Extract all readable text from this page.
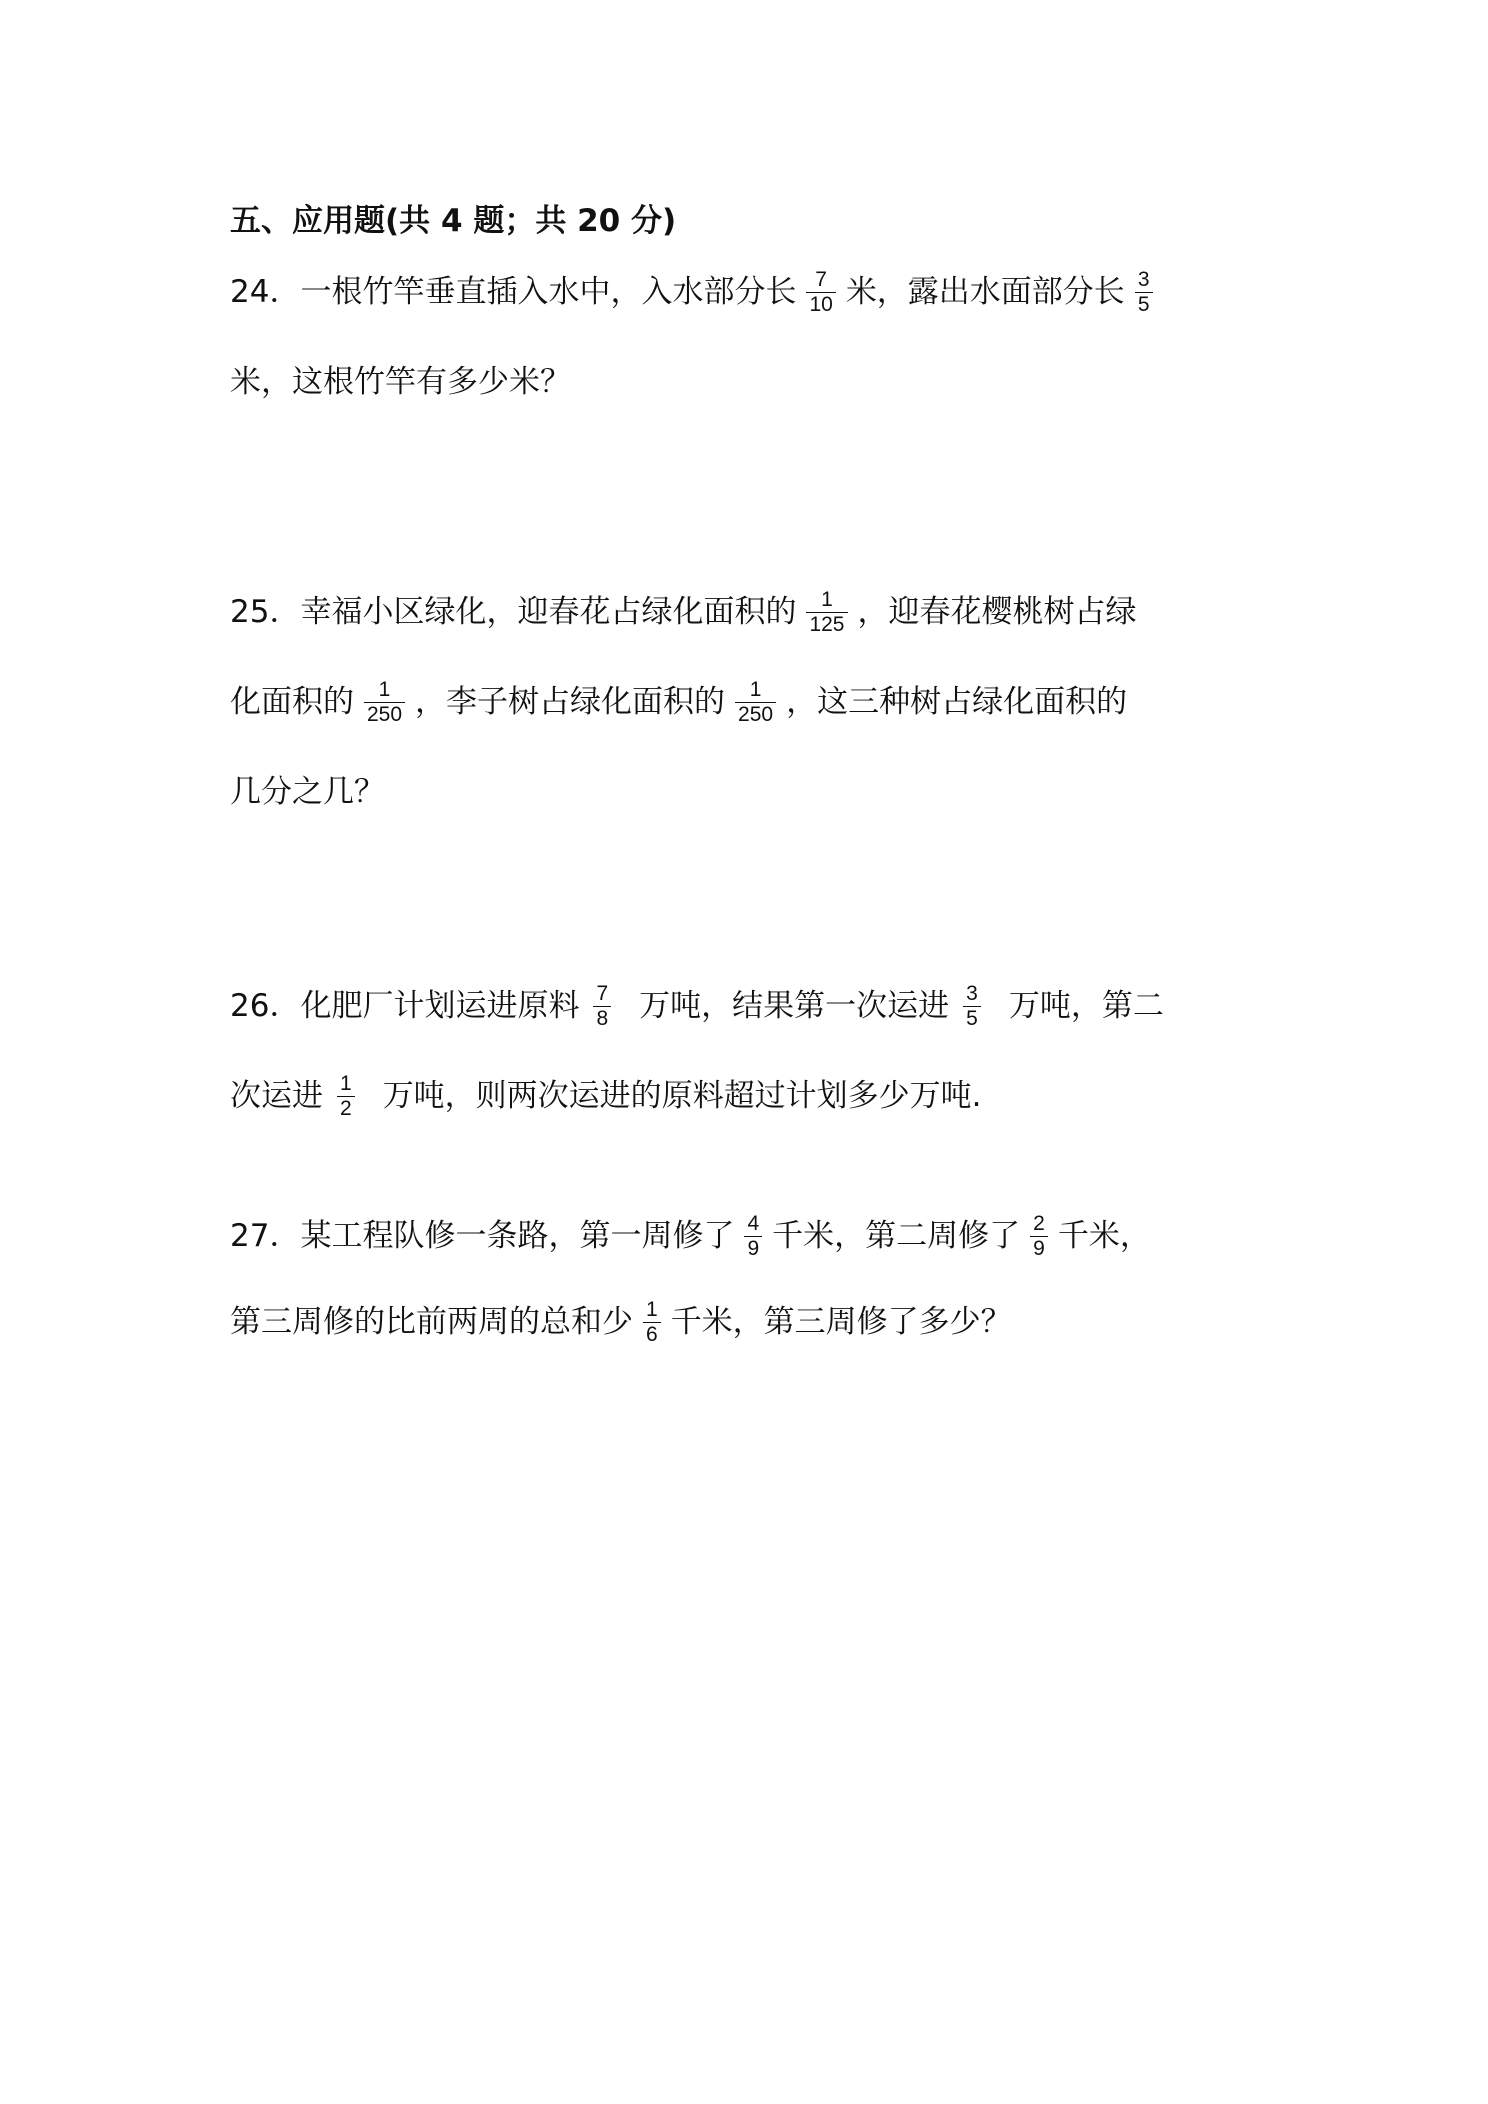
五、应用题(共 4 题；共 20 分)
24． 一根竹竿垂直插入水中，入水部分长 $\frac{7}{10}$ 米，露出水面部分长 $\frac{3}{5}$
米，这根竹竿有多少米？
25． 幸福小区绿化，迎春花占绿化面积的 $\frac{1}{125}$ ，迎春花樱桃树占绿
化面积的 $\frac{1}{250}$ ，李子树占绿化面积的 $\frac{1}{250}$ ，这三种树占绿化面积的
几分之几？
26． 化肥厂计划运进原料 $\frac{7}{8}$ 万吨，结果第一次运进 $\frac{3}{5}$ 万吨，第二
次运进 $\frac{1}{2}$ 万吨，则两次运进的原料超过计划多少万吨.
27． 某工程队修一条路，第一周修了 $\frac{4}{9}$ 千米，第二周修了 $\frac{2}{9}$ 千米，
第三周修的比前两周的总和少 $\frac{1}{6}$ 千米，第三周修了多少？
